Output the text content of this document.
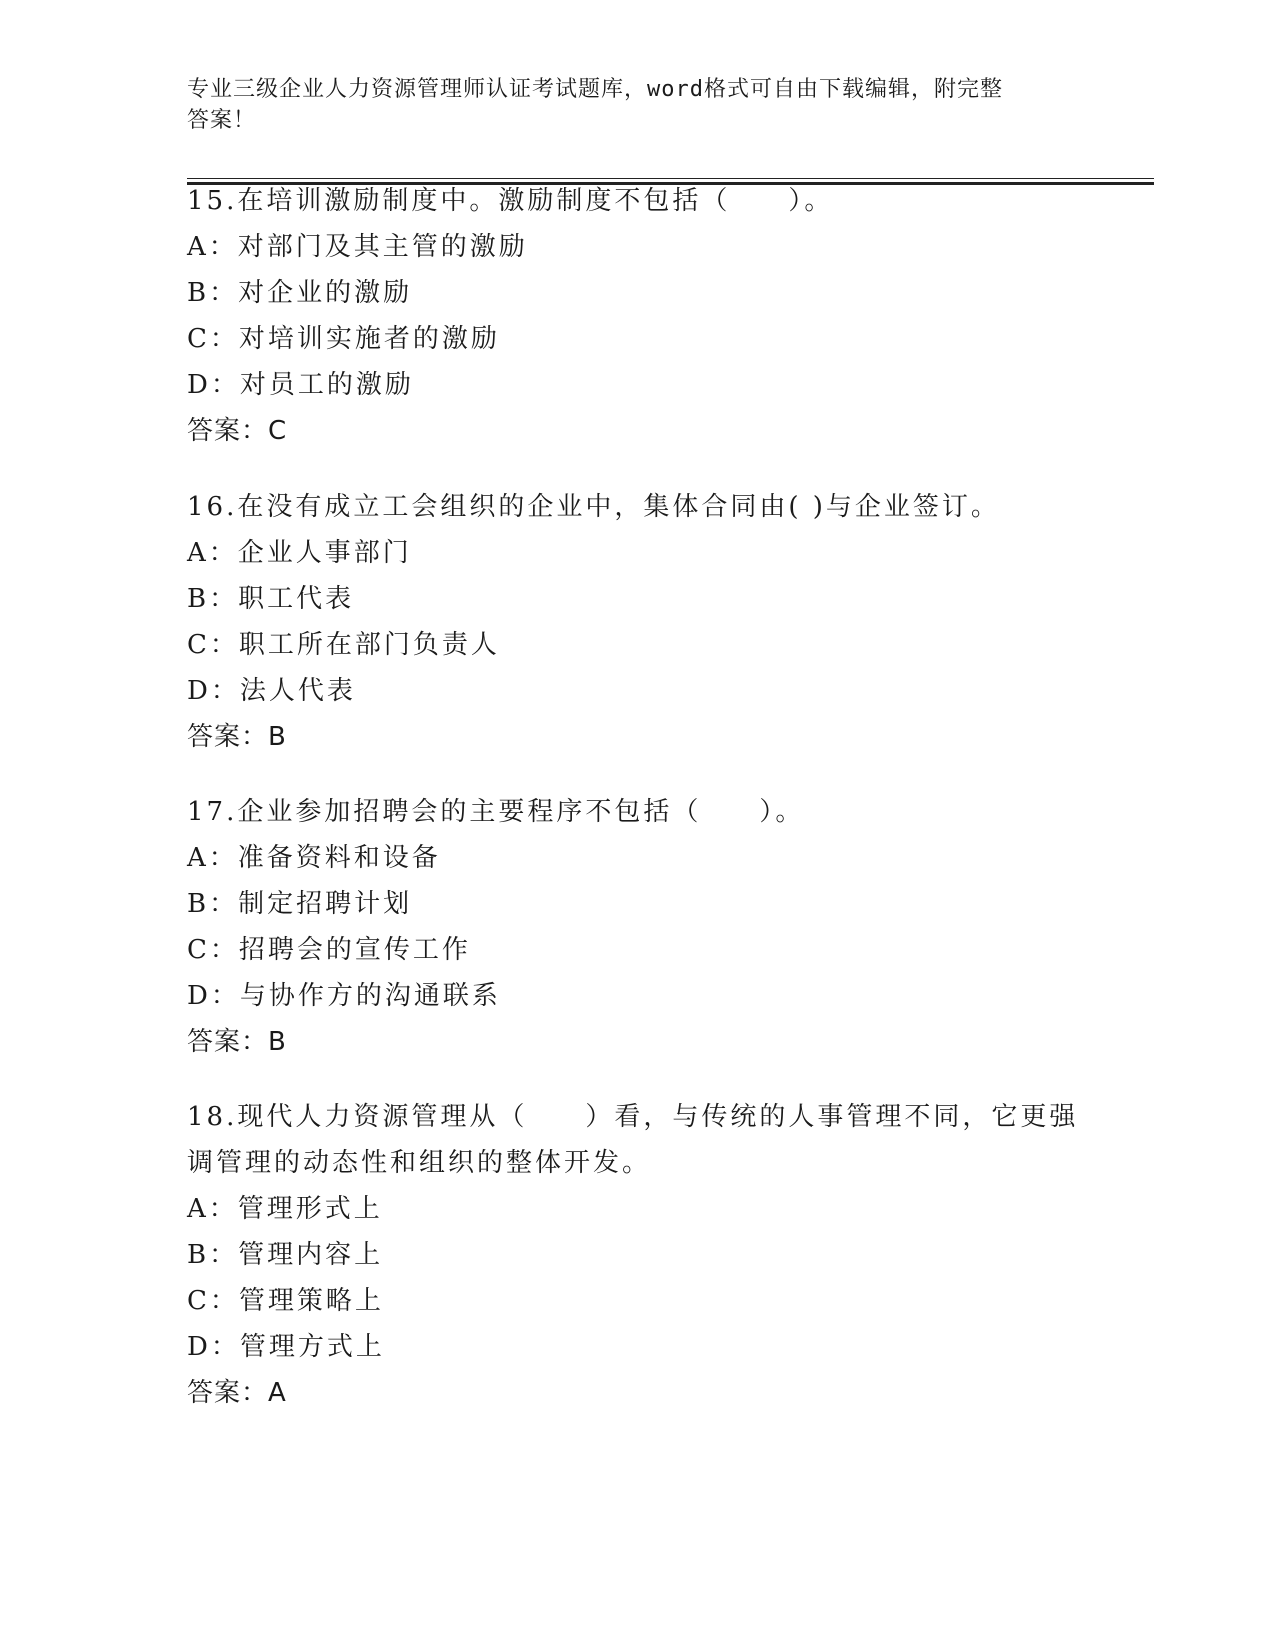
专业三级企业人力资源管理师认证考试题库，word格式可自由下载编辑，附完整
答案！

15.在培训激励制度中。激励制度不包括（　　）。

A：对部门及其主管的激励

B：对企业的激励

C：对培训实施者的激励

D：对员工的激励

答案：C

16.在没有成立工会组织的企业中，集体合同由( )与企业签订。

A：企业人事部门

B：职工代表

C：职工所在部门负责人

D：法人代表

答案：B

17.企业参加招聘会的主要程序不包括（　　）。

A：准备资料和设备

B：制定招聘计划

C：招聘会的宣传工作

D：与协作方的沟通联系

答案：B

18.现代人力资源管理从（　　）看，与传统的人事管理不同，它更强

调管理的动态性和组织的整体开发。

A：管理形式上

B：管理内容上

C：管理策略上

D：管理方式上

答案：A
